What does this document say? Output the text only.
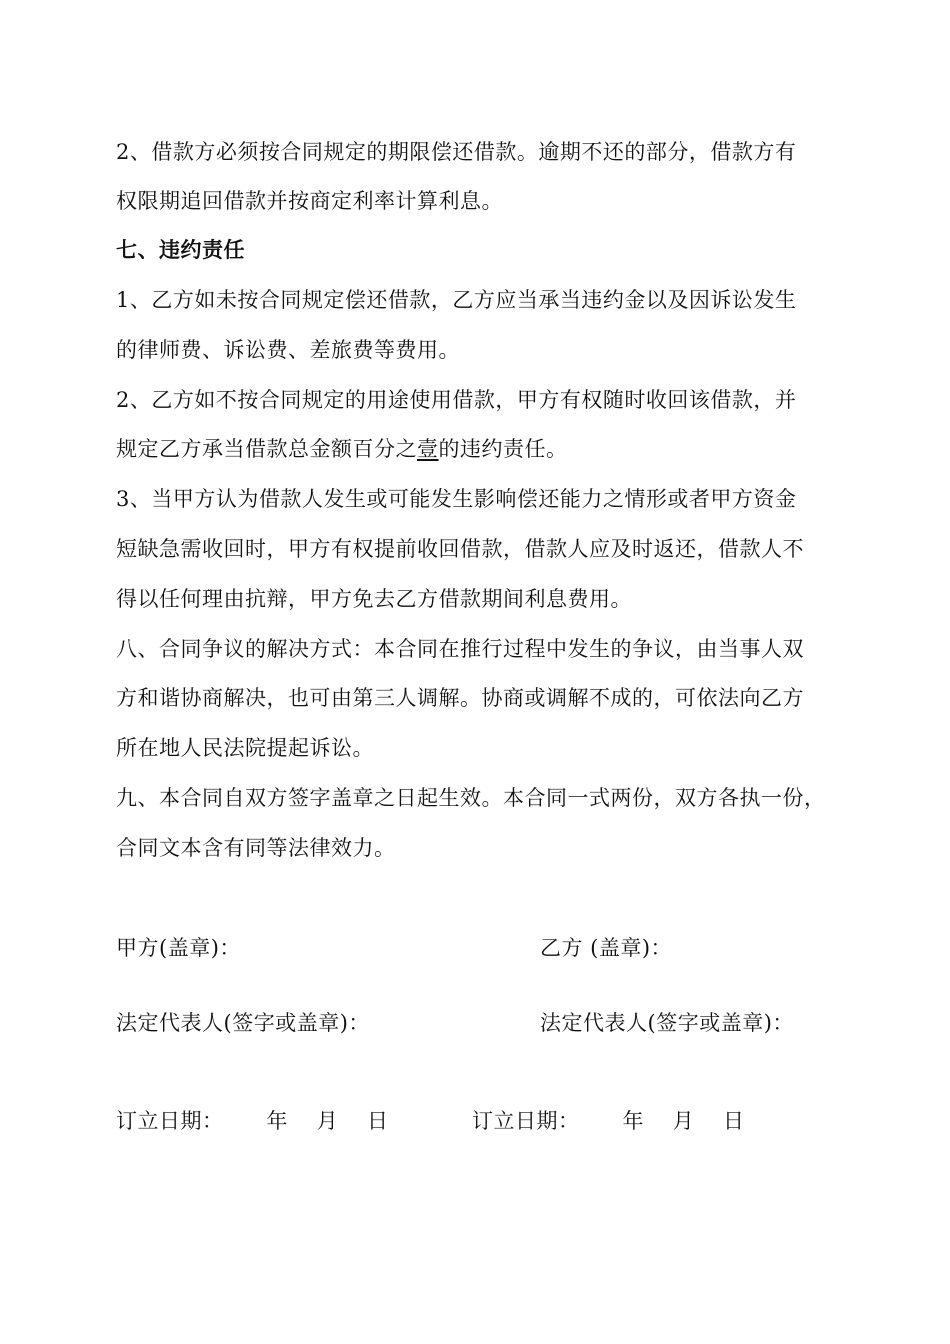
2、借款方必须按合同规定的期限偿还借款。逾期不还的部分，借款方有

权限期追回借款并按商定利率计算利息。

七、违约责任

1、乙方如未按合同规定偿还借款，乙方应当承当违约金以及因诉讼发生

的律师费、诉讼费、差旅费等费用。

2、乙方如不按合同规定的用途使用借款，甲方有权随时收回该借款，并

规定乙方承当借款总金额百分之壹的违约责任。

3、当甲方认为借款人发生或可能发生影响偿还能力之情形或者甲方资金

短缺急需收回时，甲方有权提前收回借款，借款人应及时返还，借款人不

得以任何理由抗辩，甲方免去乙方借款期间利息费用。

八、合同争议的解决方式：本合同在推行过程中发生的争议，由当事人双

方和谐协商解决，也可由第三人调解。协商或调解不成的，可依法向乙方

所在地人民法院提起诉讼。

九、本合同自双方签字盖章之日起生效。本合同一式两份，双方各执一份，

合同文本含有同等法律效力。

甲方(盖章)：	乙方 (盖章)：

法定代表人(签字或盖章)：	法定代表人(签字或盖章)：

订立日期：      年    月    日	订立日期：      年    月    日
